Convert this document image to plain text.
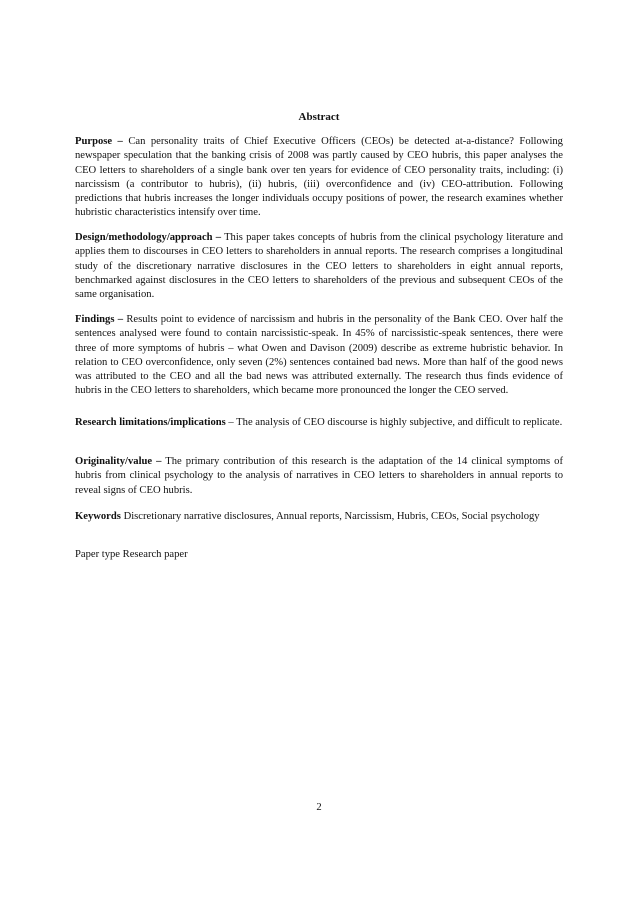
Abstract

Purpose – Can personality traits of Chief Executive Officers (CEOs) be detected at-a-distance? Following newspaper speculation that the banking crisis of 2008 was partly caused by CEO hubris, this paper analyses the CEO letters to shareholders of a single bank over ten years for evidence of CEO personality traits, including: (i) narcissism (a contributor to hubris), (ii) hubris, (iii) overconfidence and (iv) CEO-attribution. Following predictions that hubris increases the longer individuals occupy positions of power, the research examines whether hubristic characteristics intensify over time.

Design/methodology/approach – This paper takes concepts of hubris from the clinical psychology literature and applies them to discourses in CEO letters to shareholders in annual reports. The research comprises a longitudinal study of the discretionary narrative disclosures in the CEO letters to shareholders in eight annual reports, benchmarked against disclosures in the CEO letters to shareholders of the previous and subsequent CEOs of the same organisation.

Findings – Results point to evidence of narcissism and hubris in the personality of the Bank CEO. Over half the sentences analysed were found to contain narcissistic-speak. In 45% of narcissistic-speak sentences, there were three of more symptoms of hubris – what Owen and Davison (2009) describe as extreme hubristic behavior. In relation to CEO overconfidence, only seven (2%) sentences contained bad news. More than half of the good news was attributed to the CEO and all the bad news was attributed externally. The research thus finds evidence of hubris in the CEO letters to shareholders, which became more pronounced the longer the CEO served.

Research limitations/implications – The analysis of CEO discourse is highly subjective, and difficult to replicate.

Originality/value – The primary contribution of this research is the adaptation of the 14 clinical symptoms of hubris from clinical psychology to the analysis of narratives in CEO letters to shareholders in annual reports to reveal signs of CEO hubris.

Keywords Discretionary narrative disclosures, Annual reports, Narcissism, Hubris, CEOs, Social psychology

Paper type Research paper

2
